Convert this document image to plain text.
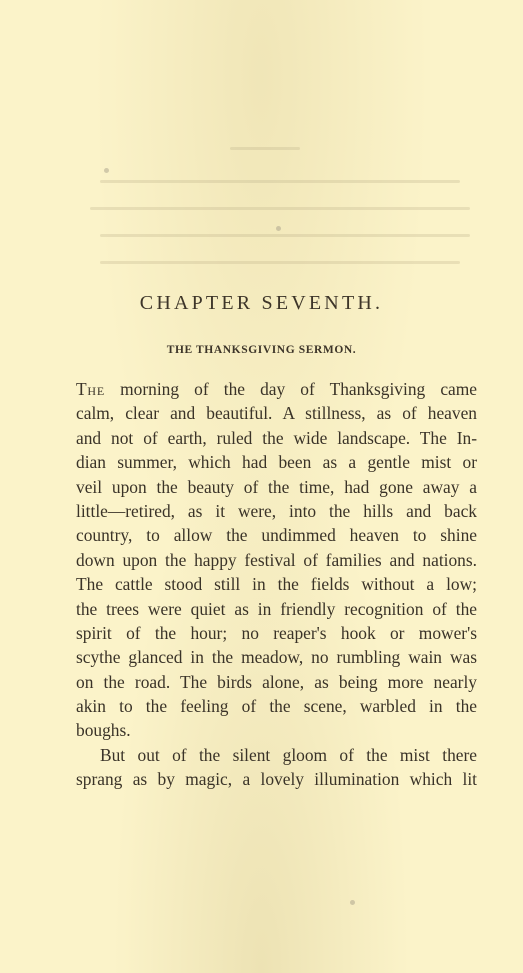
CHAPTER SEVENTH.
THE THANKSGIVING SERMON.
The morning of the day of Thanksgiving came
calm, clear and beautiful. A stillness, as of heaven
and not of earth, ruled the wide landscape. The In-
dian summer, which had been as a gentle mist or
veil upon the beauty of the time, had gone away a
little—retired, as it were, into the hills and back
country, to allow the undimmed heaven to shine
down upon the happy festival of families and nations.
The cattle stood still in the fields without a low;
the trees were quiet as in friendly recognition of the
spirit of the hour; no reaper's hook or mower's
scythe glanced in the meadow, no rumbling wain was
on the road. The birds alone, as being more nearly
akin to the feeling of the scene, warbled in the
boughs.
But out of the silent gloom of the mist there
sprang as by magic, a lovely illumination which lit
